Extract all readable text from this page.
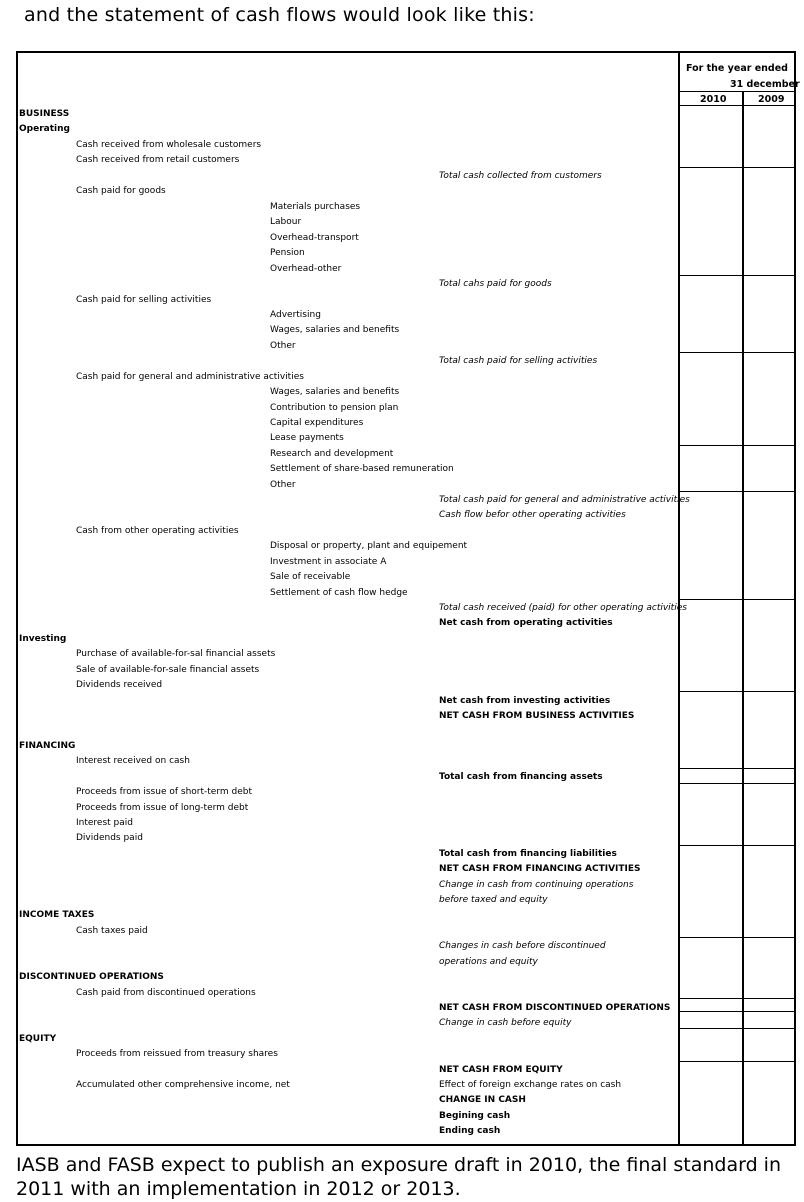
and the statement of cash flows would look like this:
For the year ended
31 december
2010	2009
BUSINESS
Operating
Cash received from wholesale customers
Cash received from retail customers
Total cash collected from customers
Cash paid for goods
Materials purchases
Labour
Overhead-transport
Pension
Overhead-other
Total cahs paid for goods
Cash paid for selling activities
Advertising
Wages, salaries and benefits
Other
Total cash paid for selling activities
Cash paid for general and administrative activities
Wages, salaries and benefits
Contribution to pension plan
Capital expenditures
Lease payments
Research and development
Settlement of share-based remuneration
Other
Total cash paid for general and administrative activities
Cash flow befor other operating activities
Cash from other operating activities
Disposal or property, plant and equipement
Investment in associate A
Sale of receivable
Settlement of cash flow hedge
Total cash received (paid) for other operating activities
Net cash from operating activities
Investing
Purchase of available-for-sal financial assets
Sale of available-for-sale financial assets
Dividends received
Net cash from investing activities
NET CASH FROM BUSINESS ACTIVITIES
FINANCING
Interest received on cash
Total cash from financing assets
Proceeds from issue of short-term debt
Proceeds from issue of long-term debt
Interest paid
Dividends paid
Total cash from financing liabilities
NET CASH FROM FINANCING ACTIVITIES
Change in cash from continuing operations
before taxed and equity
INCOME TAXES
Cash taxes paid
Changes in cash before discontinued
operations and equity
DISCONTINUED OPERATIONS
Cash paid from discontinued operations
NET CASH FROM DISCONTINUED OPERATIONS
Change in cash before equity
EQUITY
Proceeds from reissued from treasury shares
NET CASH FROM EQUITY
Accumulated other comprehensive income, net	Effect of foreign exchange rates on cash
CHANGE IN CASH
Begining cash
Ending cash
IASB and FASB expect to publish an exposure draft in 2010, the final standard in 2011 with an implementation in 2012 or 2013.
